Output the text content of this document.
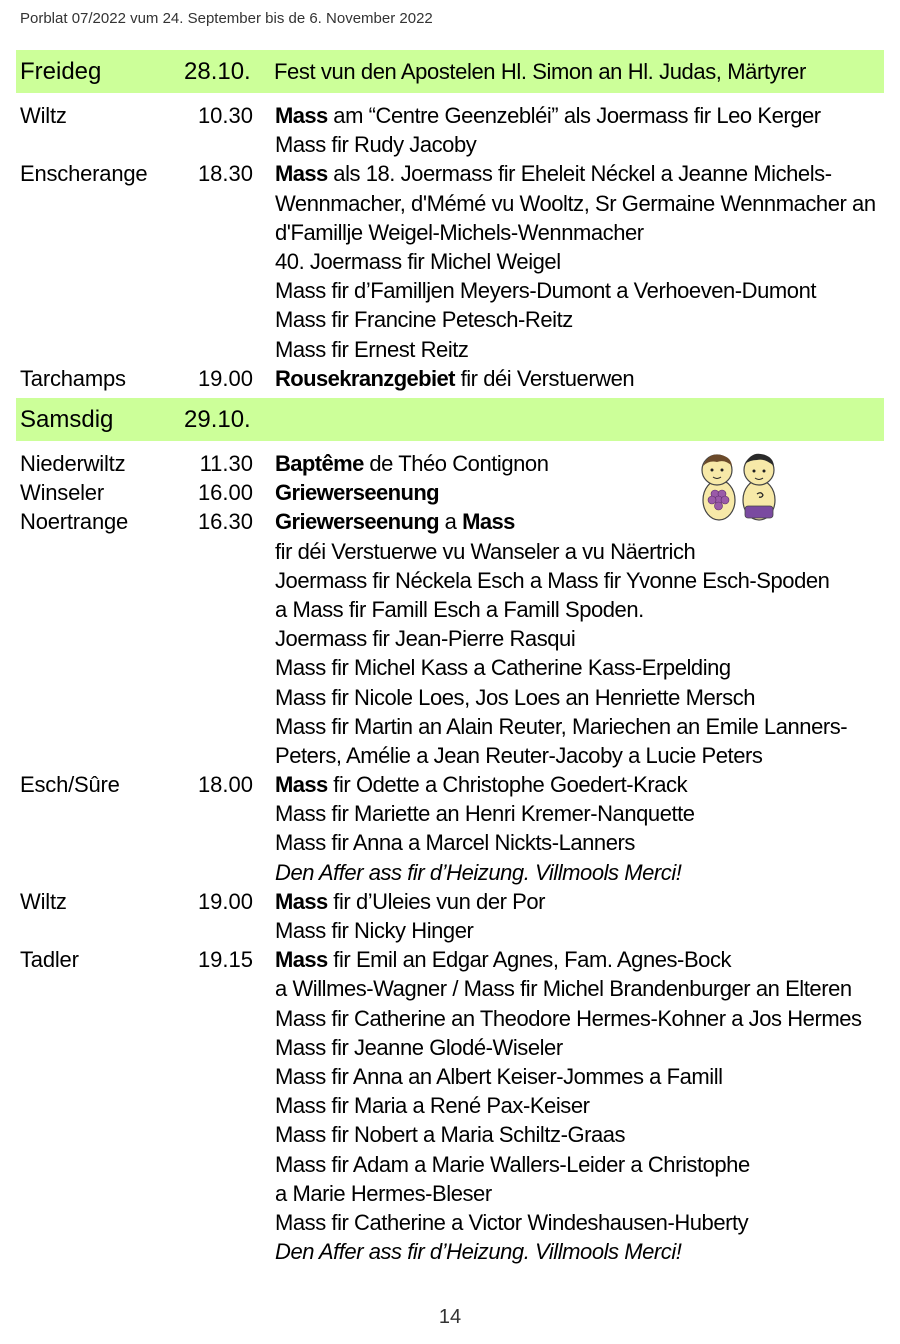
Porblat 07/2022 vum 24. September bis de 6. November 2022
Freideg	28.10. Fest vun den Apostelen Hl. Simon an Hl. Judas, Märtyrer
Wiltz	10.30 Mass am “Centre Geenzebléi” als Joermass fir Leo Kerger
Mass fir Rudy Jacoby
Enscherange 18.30 Mass als 18. Joermass fir Eheleit Néckel a Jeanne Michels-
Wennmacher, d'Mémé vu Wooltz, Sr Germaine Wennmacher an
d'Famillje Weigel-Michels-Wennmacher
40. Joermass fir Michel Weigel
Mass fir d’Familljen Meyers-Dumont a Verhoeven-Dumont
Mass fir Francine Petesch-Reitz
Mass fir Ernest Reitz
Tarchamps	19.00 Rousekranzgebiet fir déi Verstuerwen
Samsdig	29.10.
Niederwiltz	11.30 Baptême de Théo Contignon
Winseler	16.00 Griewerseenung
Noertrange	16.30 Griewerseenung a Mass
fir déi Verstuerwe vu Wanseler a vu Näertrich
Joermass fir Néckela Esch a Mass fir Yvonne Esch-Spoden
a Mass fir Famill Esch a Famill Spoden.
Joermass fir Jean-Pierre Rasqui
Mass fir Michel Kass a Catherine Kass-Erpelding
Mass fir Nicole Loes, Jos Loes an Henriette Mersch
Mass fir Martin an Alain Reuter, Mariechen an Emile Lanners-
Peters, Amélie a Jean Reuter-Jacoby a Lucie Peters
Esch/Sûre	18.00 Mass fir Odette a Christophe Goedert-Krack
Mass fir Mariette an Henri Kremer-Nanquette
Mass fir Anna a Marcel Nickts-Lanners
Den Affer ass fir d’Heizung. Villmools Merci!
Wiltz	19.00 Mass fir d’Uleies vun der Por
Mass fir Nicky Hinger
Tadler	19.15 Mass fir Emil an Edgar Agnes, Fam. Agnes-Bock
a Willmes-Wagner / Mass fir Michel Brandenburger an Elteren
Mass fir Catherine an Theodore Hermes-Kohner a Jos Hermes
Mass fir Jeanne Glodé-Wiseler
Mass fir Anna an Albert Keiser-Jommes a Famill
Mass fir Maria a René Pax-Keiser
Mass fir Nobert a Maria Schiltz-Graas
Mass fir Adam a Marie Wallers-Leider a Christophe
a Marie Hermes-Bleser
Mass fir Catherine a Victor Windeshausen-Huberty
Den Affer ass fir d’Heizung. Villmools Merci!
14
